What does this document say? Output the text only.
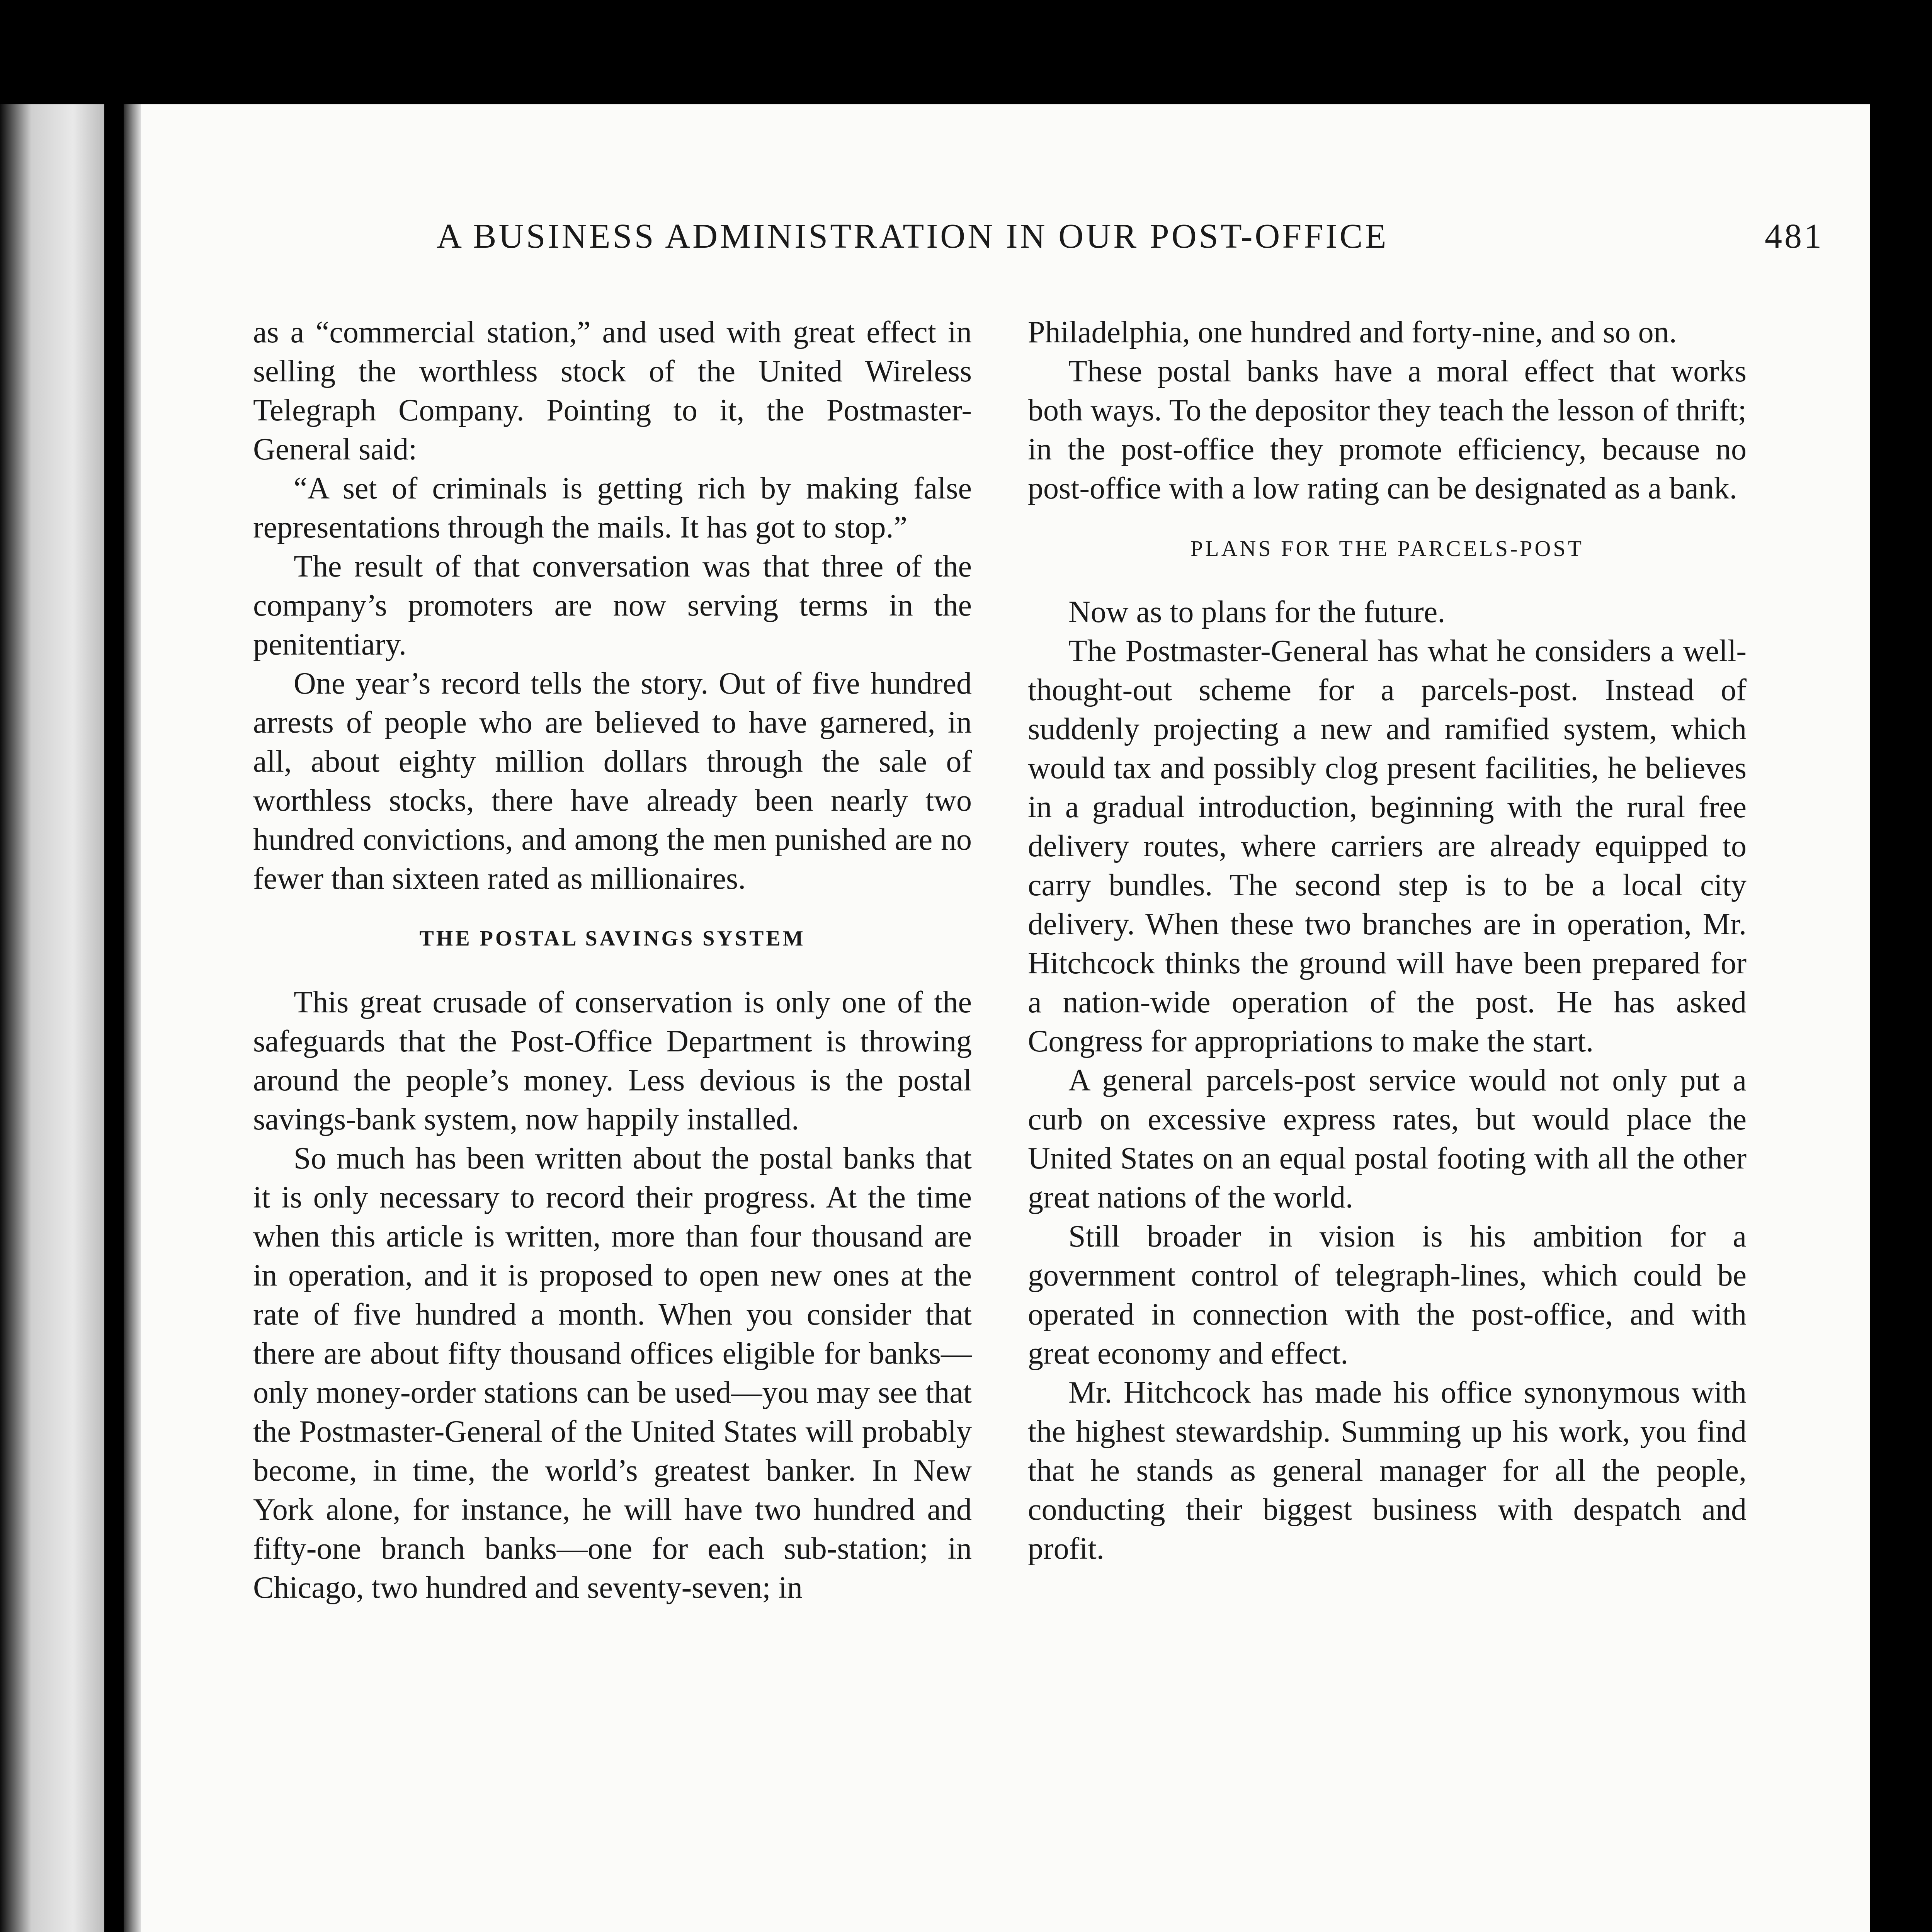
A BUSINESS ADMINISTRATION IN OUR POST-OFFICE	481

as a “commercial station,” and used with great effect in selling the worthless stock of the United Wireless Telegraph Company. Pointing to it, the Postmaster-General said:

“A set of criminals is getting rich by making false representations through the mails. It has got to stop.”

The result of that conversation was that three of the company’s promoters are now serving terms in the penitentiary.

One year’s record tells the story. Out of five hundred arrests of people who are believed to have garnered, in all, about eighty million dollars through the sale of worthless stocks, there have already been nearly two hundred convictions, and among the men punished are no fewer than sixteen rated as millionaires.

THE POSTAL SAVINGS SYSTEM

This great crusade of conservation is only one of the safeguards that the Post-Office Department is throwing around the people’s money. Less devious is the postal savings-bank system, now happily installed.

So much has been written about the postal banks that it is only necessary to record their progress. At the time when this article is written, more than four thousand are in operation, and it is proposed to open new ones at the rate of five hundred a month. When you consider that there are about fifty thousand offices eligible for banks—only money-order stations can be used—you may see that the Postmaster-General of the United States will probably become, in time, the world’s greatest banker. In New York alone, for instance, he will have two hundred and fifty-one branch banks—one for each sub-station; in Chicago, two hundred and seventy-seven; in

Philadelphia, one hundred and forty-nine, and so on.

These postal banks have a moral effect that works both ways. To the depositor they teach the lesson of thrift; in the post-office they promote efficiency, because no post-office with a low rating can be designated as a bank.

PLANS FOR THE PARCELS-POST

Now as to plans for the future.

The Postmaster-General has what he considers a well-thought-out scheme for a parcels-post. Instead of suddenly projecting a new and ramified system, which would tax and possibly clog present facilities, he believes in a gradual introduction, beginning with the rural free delivery routes, where carriers are already equipped to carry bundles. The second step is to be a local city delivery. When these two branches are in operation, Mr. Hitchcock thinks the ground will have been prepared for a nation-wide operation of the post. He has asked Congress for appropriations to make the start.

A general parcels-post service would not only put a curb on excessive express rates, but would place the United States on an equal postal footing with all the other great nations of the world.

Still broader in vision is his ambition for a government control of telegraph-lines, which could be operated in connection with the post-office, and with great economy and effect.

Mr. Hitchcock has made his office synonymous with the highest stewardship. Summing up his work, you find that he stands as general manager for all the people, conducting their biggest business with despatch and profit.
